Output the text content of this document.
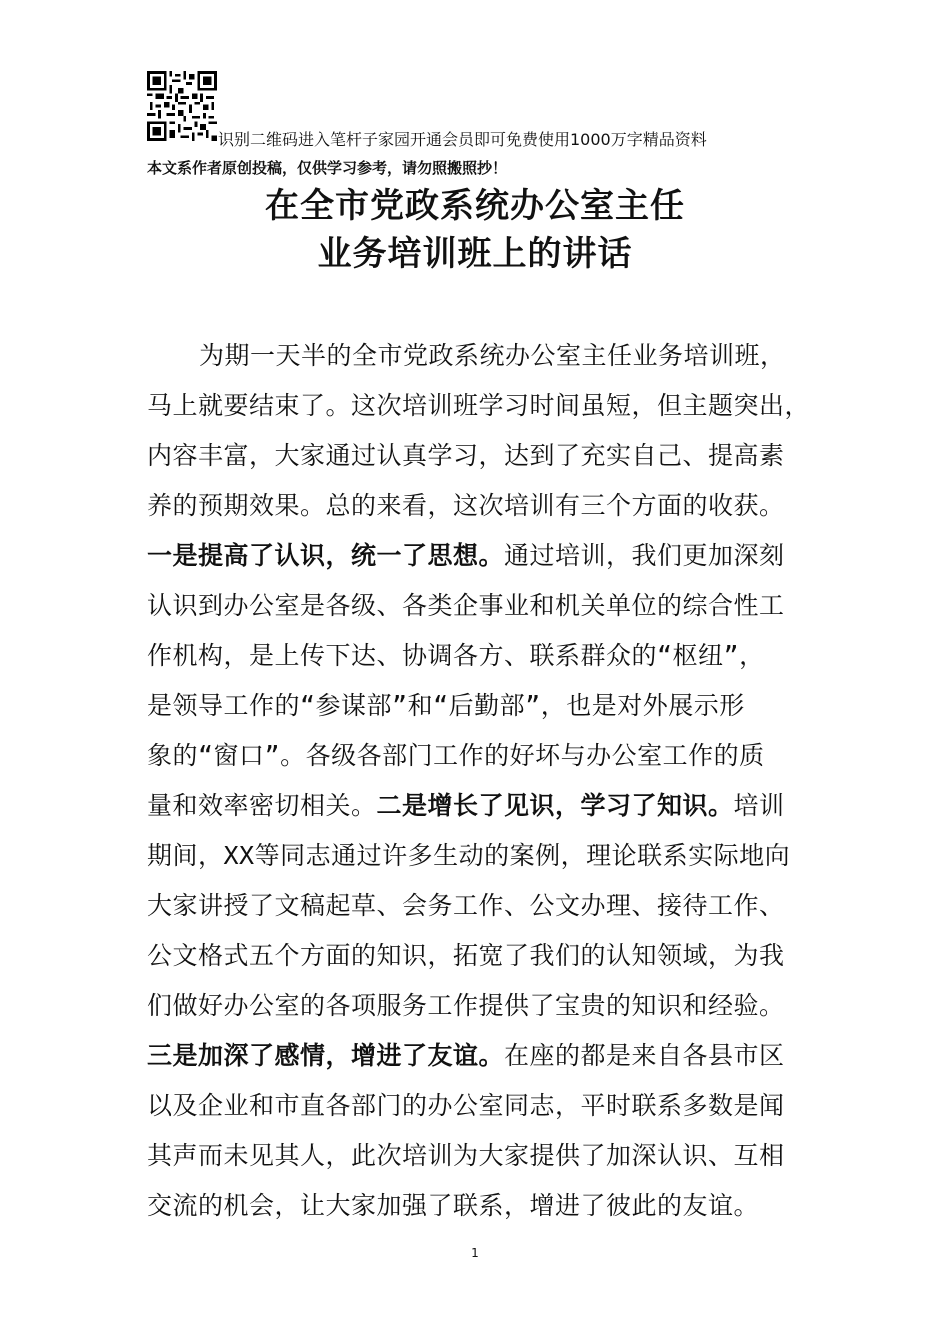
识别二维码进入笔杆子家园开通会员即可免费使用1000万字精品资料
本文系作者原创投稿，仅供学习参考，请勿照搬照抄！
在全市党政系统办公室主任
业务培训班上的讲话
为期一天半的全市党政系统办公室主任业务培训班，
马上就要结束了。这次培训班学习时间虽短，但主题突出，
内容丰富，大家通过认真学习，达到了充实自己、提高素
养的预期效果。总的来看，这次培训有三个方面的收获。
一是提高了认识，统一了思想。通过培训，我们更加深刻
认识到办公室是各级、各类企事业和机关单位的综合性工
作机构，是上传下达、协调各方、联系群众的“枢纽”，
是领导工作的“参谋部”和“后勤部”，也是对外展示形
象的“窗口”。各级各部门工作的好坏与办公室工作的质
量和效率密切相关。二是增长了见识，学习了知识。培训
期间，XX等同志通过许多生动的案例，理论联系实际地向
大家讲授了文稿起草、会务工作、公文办理、接待工作、
公文格式五个方面的知识，拓宽了我们的认知领域，为我
们做好办公室的各项服务工作提供了宝贵的知识和经验。
三是加深了感情，增进了友谊。在座的都是来自各县市区
以及企业和市直各部门的办公室同志，平时联系多数是闻
其声而未见其人，此次培训为大家提供了加深认识、互相
交流的机会，让大家加强了联系，增进了彼此的友谊。
1
